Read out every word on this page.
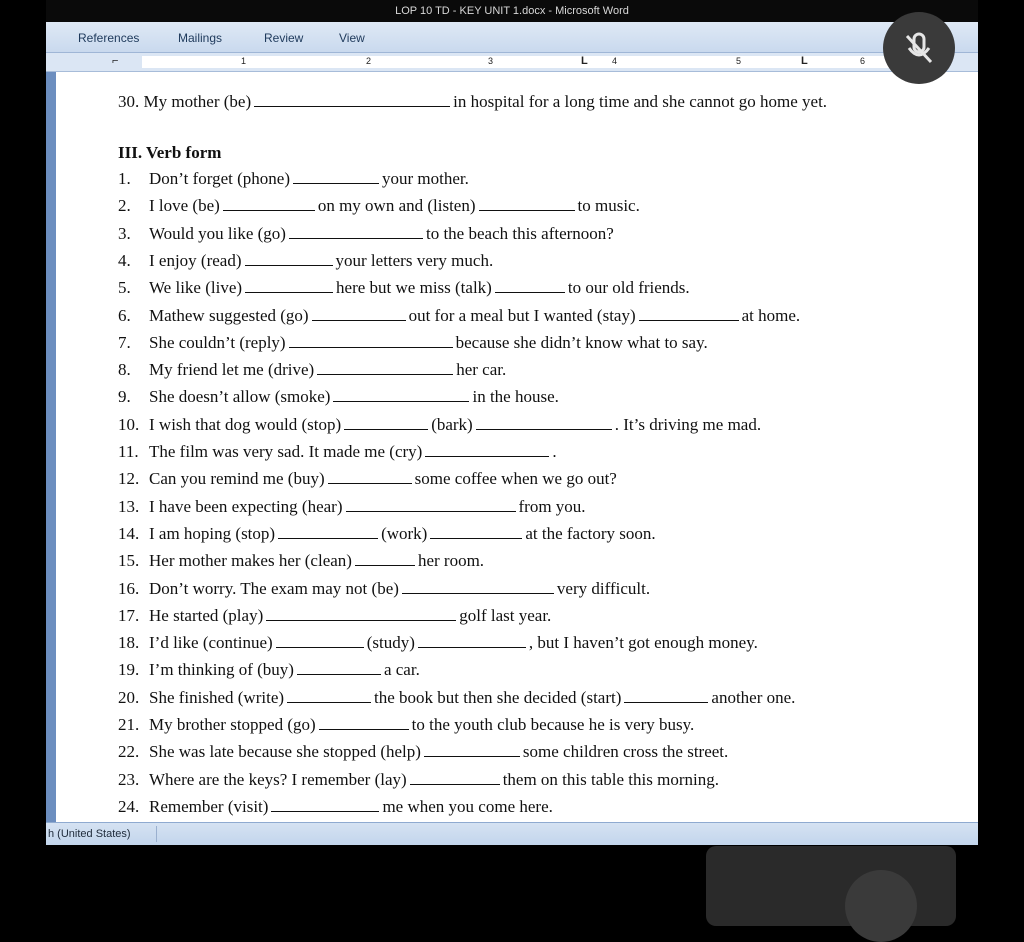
LOP 10 TD - KEY UNIT 1.docx - Microsoft Word
References	Mailings	Review	View
⌐	1	2	3	L	4	5	L	6
30. My mother (be)	in hospital for a long time and she cannot go home yet.
III. Verb form
1. Don’t forget (phone)	your mother.
2. I love (be)	on my own and (listen)	to music.
3. Would you like (go)	to the beach this afternoon?
4. I enjoy (read)	your letters very much.
5. We like (live)	here but we miss (talk)	to our old friends.
6. Mathew suggested (go)	out for a meal but I wanted (stay)	at home.
7. She couldn’t (reply)	because she didn’t know what to say.
8. My friend let me (drive)	her car.
9. She doesn’t allow (smoke)	in the house.
10. I wish that dog would (stop)	(bark)	. It’s driving me mad.
11. The film was very sad. It made me (cry)	.
12. Can you remind me (buy)	some coffee when we go out?
13. I have been expecting (hear)	from you.
14. I am hoping (stop)	(work)	at the factory soon.
15. Her mother makes her (clean)	her room.
16. Don’t worry. The exam may not (be)	very difficult.
17. He started (play)	golf last year.
18. I’d like (continue)	(study)	, but I haven’t got enough money.
19. I’m thinking of (buy)	a car.
20. She finished (write)	the book but then she decided (start)	another one.
21. My brother stopped (go)	to the youth club because he is very busy.
22. She was late because she stopped (help)	some children cross the street.
23. Where are the keys? I remember (lay)	them on this table this morning.
24. Remember (visit)	me when you come here.
h (United States)
